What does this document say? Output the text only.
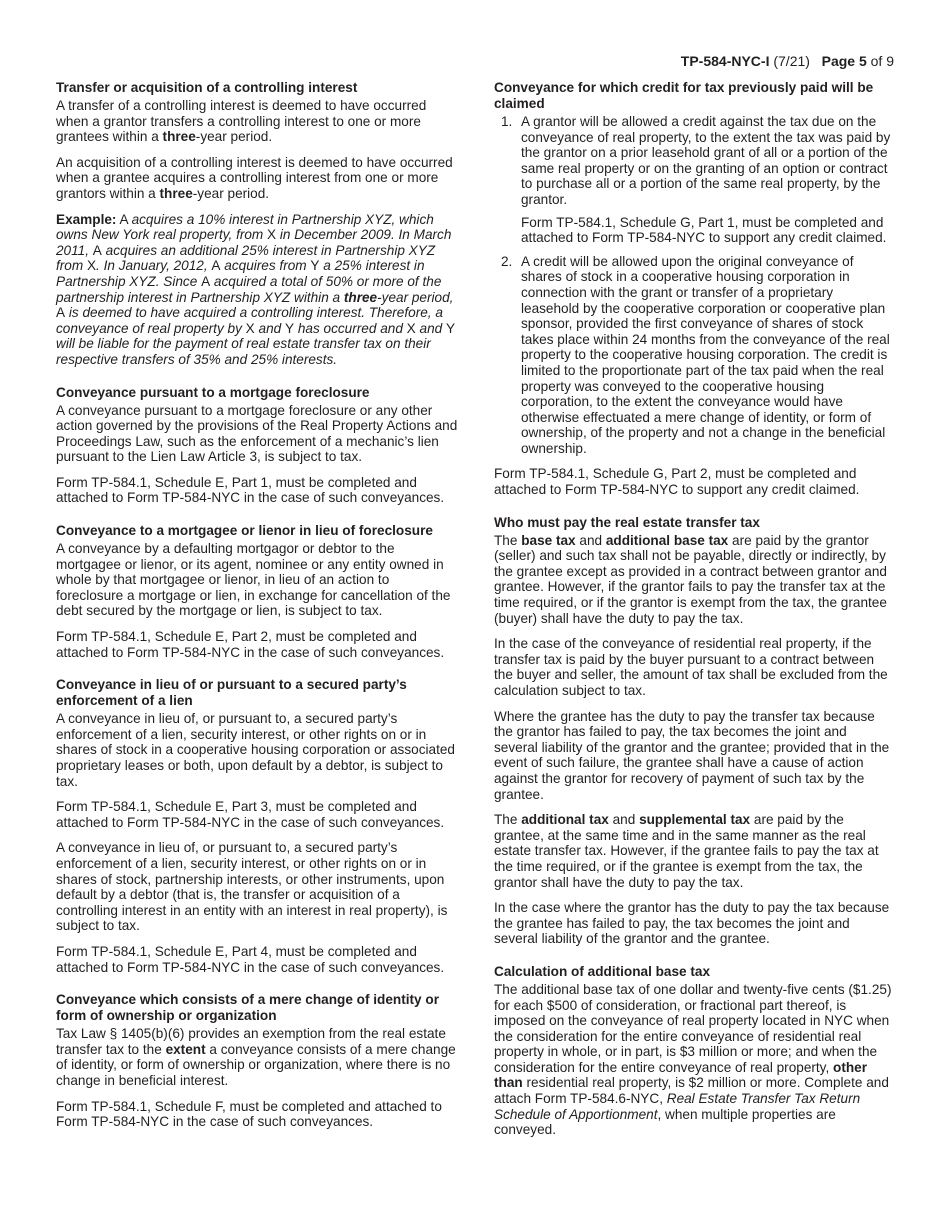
TP-584-NYC-I (7/21) Page 5 of 9
Transfer or acquisition of a controlling interest

A transfer of a controlling interest is deemed to have occurred when a grantor transfers a controlling interest to one or more grantees within a three-year period.

An acquisition of a controlling interest is deemed to have occurred when a grantee acquires a controlling interest from one or more grantors within a three-year period.

Example: A acquires a 10% interest in Partnership XYZ, which owns New York real property, from X in December 2009. In March 2011, A acquires an additional 25% interest in Partnership XYZ from X. In January, 2012, A acquires from Y a 25% interest in Partnership XYZ. Since A acquired a total of 50% or more of the partnership interest in Partnership XYZ within a three-year period, A is deemed to have acquired a controlling interest. Therefore, a conveyance of real property by X and Y has occurred and X and Y will be liable for the payment of real estate transfer tax on their respective transfers of 35% and 25% interests.

Conveyance pursuant to a mortgage foreclosure

A conveyance pursuant to a mortgage foreclosure or any other action governed by the provisions of the Real Property Actions and Proceedings Law, such as the enforcement of a mechanic’s lien pursuant to the Lien Law Article 3, is subject to tax.

Form TP-584.1, Schedule E, Part 1, must be completed and attached to Form TP-584-NYC in the case of such conveyances.

Conveyance to a mortgagee or lienor in lieu of foreclosure

A conveyance by a defaulting mortgagor or debtor to the mortgagee or lienor, or its agent, nominee or any entity owned in whole by that mortgagee or lienor, in lieu of an action to foreclosure a mortgage or lien, in exchange for cancellation of the debt secured by the mortgage or lien, is subject to tax.

Form TP-584.1, Schedule E, Part 2, must be completed and attached to Form TP-584-NYC in the case of such conveyances.

Conveyance in lieu of or pursuant to a secured party’s enforcement of a lien

A conveyance in lieu of, or pursuant to, a secured party’s enforcement of a lien, security interest, or other rights on or in shares of stock in a cooperative housing corporation or associated proprietary leases or both, upon default by a debtor, is subject to tax.

Form TP-584.1, Schedule E, Part 3, must be completed and attached to Form TP-584-NYC in the case of such conveyances.

A conveyance in lieu of, or pursuant to, a secured party’s enforcement of a lien, security interest, or other rights on or in shares of stock, partnership interests, or other instruments, upon default by a debtor (that is, the transfer or acquisition of a controlling interest in an entity with an interest in real property), is subject to tax.

Form TP-584.1, Schedule E, Part 4, must be completed and attached to Form TP-584-NYC in the case of such conveyances.

Conveyance which consists of a mere change of identity or form of ownership or organization

Tax Law § 1405(b)(6) provides an exemption from the real estate transfer tax to the extent a conveyance consists of a mere change of identity, or form of ownership or organization, where there is no change in beneficial interest.

Form TP-584.1, Schedule F, must be completed and attached to Form TP-584-NYC in the case of such conveyances.

Conveyance for which credit for tax previously paid will be claimed
1. A grantor will be allowed a credit against the tax due on the conveyance of real property, to the extent the tax was paid by the grantor on a prior leasehold grant of all or a portion of the same real property or on the granting of an option or contract to purchase all or a portion of the same real property, by the grantor.

Form TP-584.1, Schedule G, Part 1, must be completed and attached to Form TP-584-NYC to support any credit claimed.

2. A credit will be allowed upon the original conveyance of shares of stock in a cooperative housing corporation in connection with the grant or transfer of a proprietary leasehold by the cooperative corporation or cooperative plan sponsor, provided the first conveyance of shares of stock takes place within 24 months from the conveyance of the real property to the cooperative housing corporation. The credit is limited to the proportionate part of the tax paid when the real property was conveyed to the cooperative housing corporation, to the extent the conveyance would have otherwise effectuated a mere change of identity, or form of ownership, of the property and not a change in the beneficial ownership.

Form TP-584.1, Schedule G, Part 2, must be completed and attached to Form TP-584-NYC to support any credit claimed.

Who must pay the real estate transfer tax

The base tax and additional base tax are paid by the grantor (seller) and such tax shall not be payable, directly or indirectly, by the grantee except as provided in a contract between grantor and grantee. However, if the grantor fails to pay the transfer tax at the time required, or if the grantor is exempt from the tax, the grantee (buyer) shall have the duty to pay the tax.

In the case of the conveyance of residential real property, if the transfer tax is paid by the buyer pursuant to a contract between the buyer and seller, the amount of tax shall be excluded from the calculation subject to tax.

Where the grantee has the duty to pay the transfer tax because the grantor has failed to pay, the tax becomes the joint and several liability of the grantor and the grantee; provided that in the event of such failure, the grantee shall have a cause of action against the grantor for recovery of payment of such tax by the grantee.

The additional tax and supplemental tax are paid by the grantee, at the same time and in the same manner as the real estate transfer tax. However, if the grantee fails to pay the tax at the time required, or if the grantee is exempt from the tax, the grantor shall have the duty to pay the tax.

In the case where the grantor has the duty to pay the tax because the grantee has failed to pay, the tax becomes the joint and several liability of the grantor and the grantee.

Calculation of additional base tax

The additional base tax of one dollar and twenty-five cents ($1.25) for each $500 of consideration, or fractional part thereof, is imposed on the conveyance of real property located in NYC when the consideration for the entire conveyance of residential real property in whole, or in part, is $3 million or more; and when the consideration for the entire conveyance of real property, other than residential real property, is $2 million or more. Complete and attach Form TP-584.6-NYC, Real Estate Transfer Tax Return Schedule of Apportionment, when multiple properties are conveyed.
